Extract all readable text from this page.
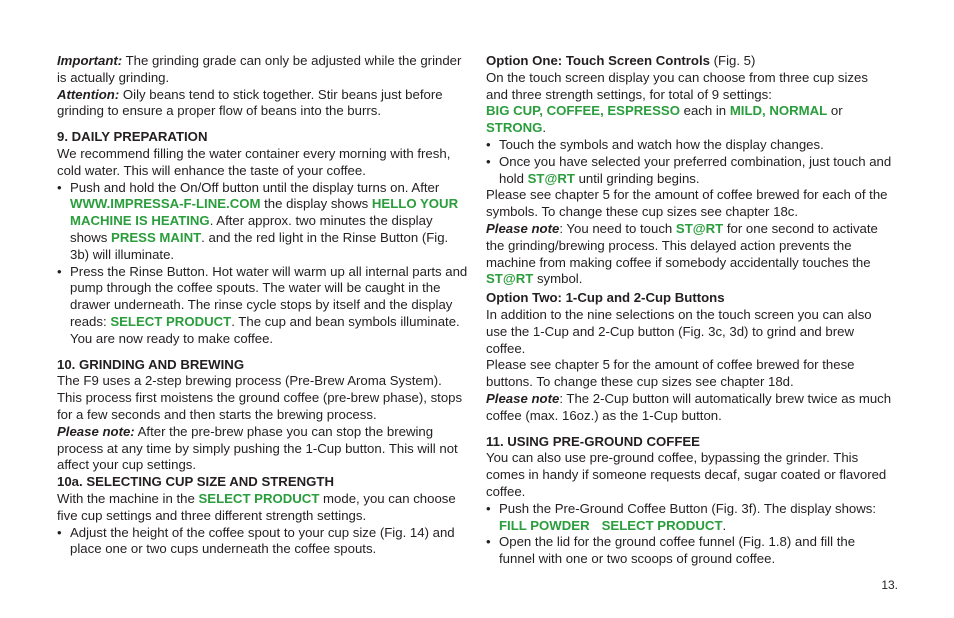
Important: The grinding grade can only be adjusted while the grinder is actually grinding.

Attention: Oily beans tend to stick together. Stir beans just before grinding to ensure a proper flow of beans into the burrs.

9. DAILY PREPARATION

We recommend filling the water container every morning with fresh, cold water. This will enhance the taste of your coffee.

• Push and hold the On/Off button until the display turns on. After WWW.IMPRESSA-F-LINE.COM the display shows HELLO YOUR MACHINE IS HEATING. After approx. two minutes the display shows PRESS MAINT. and the red light in the Rinse Button (Fig. 3b) will illuminate.

• Press the Rinse Button. Hot water will warm up all internal parts and pump through the coffee spouts. The water will be caught in the drawer underneath. The rinse cycle stops by itself and the display reads: SELECT PRODUCT. The cup and bean symbols illuminate. You are now ready to make coffee.

10. GRINDING AND BREWING

The F9 uses a 2-step brewing process (Pre-Brew Aroma System). This process first moistens the ground coffee (pre-brew phase), stops for a few seconds and then starts the brewing process.

Please note: After the pre-brew phase you can stop the brewing process at any time by simply pushing the 1-Cup button. This will not affect your cup settings.

10a. SELECTING CUP SIZE AND STRENGTH

With the machine in the SELECT PRODUCT mode, you can choose five cup settings and three different strength settings.

• Adjust the height of the coffee spout to your cup size (Fig. 14) and place one or two cups underneath the coffee spouts.

Option One: Touch Screen Controls (Fig. 5)

On the touch screen display you can choose from three cup sizes and three strength settings, for total of 9 settings:

BIG CUP, COFFEE, ESPRESSO each in MILD, NORMAL or STRONG.

• Touch the symbols and watch how the display changes.

• Once you have selected your preferred combination, just touch and hold ST@RT until grinding begins.

Please see chapter 5 for the amount of coffee brewed for each of the symbols. To change these cup sizes see chapter 18c.

Please note: You need to touch ST@RT for one second to activate the grinding/brewing process. This delayed action prevents the machine from making coffee if somebody accidentally touches the ST@RT symbol.

Option Two: 1-Cup and 2-Cup Buttons

In addition to the nine selections on the touch screen you can also use the 1-Cup and 2-Cup button (Fig. 3c, 3d) to grind and brew coffee.

Please see chapter 5 for the amount of coffee brewed for these buttons. To change these cup sizes see chapter 18d.

Please note: The 2-Cup button will automatically brew twice as much coffee (max. 16oz.) as the 1-Cup button.

11. USING PRE-GROUND COFFEE

You can also use pre-ground coffee, bypassing the grinder. This comes in handy if someone requests decaf, sugar coated or flavored coffee.

• Push the Pre-Ground Coffee Button (Fig. 3f). The display shows:
FILL POWDER SELECT PRODUCT.

• Open the lid for the ground coffee funnel (Fig. 1.8) and fill the funnel with one or two scoops of ground coffee.

13.
